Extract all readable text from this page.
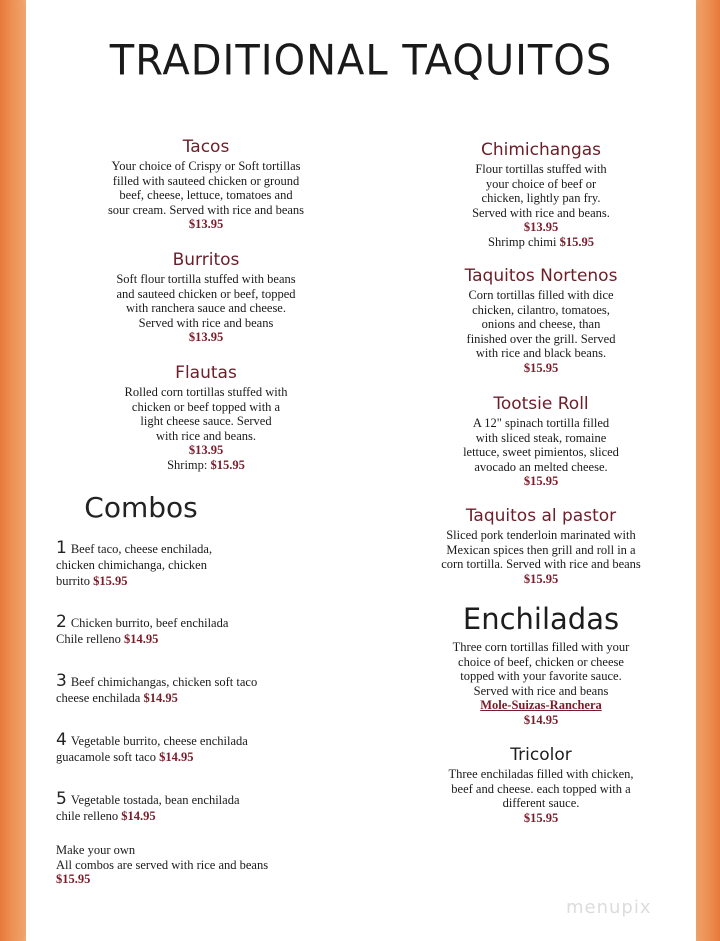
TRADITIONAL TAQUITOS
Tacos
Your choice of Crispy or Soft tortillas
filled with sauteed chicken or ground
beef, cheese, lettuce, tomatoes and
sour cream. Served with rice and beans
$13.95
Burritos
Soft flour tortilla stuffed with beans
and sauteed chicken or beef, topped
with ranchera sauce and cheese.
Served with rice and beans
$13.95
Flautas
Rolled corn tortillas stuffed with
chicken or beef topped with a
light cheese sauce. Served
with rice and beans.
$13.95
Shrimp: $15.95
Combos
1 Beef taco, cheese enchilada,
chicken chimichanga, chicken
burrito $15.95
2 Chicken burrito, beef enchilada
Chile relleno $14.95
3 Beef chimichangas, chicken soft taco
cheese enchilada $14.95
4 Vegetable burrito, cheese enchilada
guacamole soft taco $14.95
5 Vegetable tostada, bean enchilada
chile relleno $14.95
Make your own
All combos are served with rice and beans
$15.95
Chimichangas
Flour tortillas stuffed with
your choice of beef or
chicken, lightly pan fry.
Served with rice and beans.
$13.95
Shrimp chimi $15.95
Taquitos Nortenos
Corn tortillas filled with dice
chicken, cilantro, tomatoes,
onions and cheese, than
finished over the grill. Served
with rice and black beans.
$15.95
Tootsie Roll
A 12" spinach tortilla filled
with sliced steak, romaine
lettuce, sweet pimientos, sliced
avocado an melted cheese.
$15.95
Taquitos al pastor
Sliced pork tenderloin marinated with
Mexican spices then grill and roll in a
corn tortilla. Served with rice and beans
$15.95
Enchiladas
Three corn tortillas filled with your
choice of beef, chicken or cheese
topped with your favorite sauce.
Served with rice and beans
Mole-Suizas-Ranchera
$14.95
Tricolor
Three enchiladas filled with chicken,
beef and cheese. each topped with a
different sauce.
$15.95
menupix
